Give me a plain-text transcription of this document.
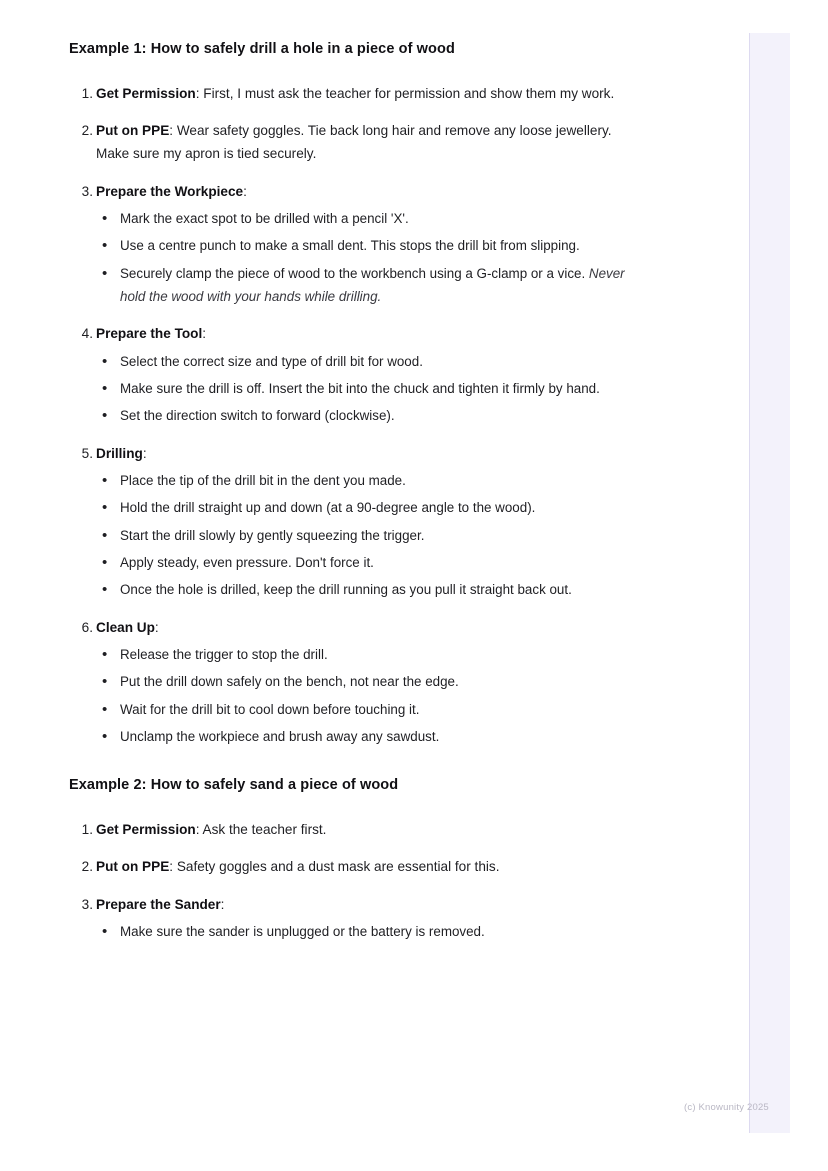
Example 1: How to safely drill a hole in a piece of wood
Get Permission: First, I must ask the teacher for permission and show them my work.
Put on PPE: Wear safety goggles. Tie back long hair and remove any loose jewellery. Make sure my apron is tied securely.
Prepare the Workpiece:
• Mark the exact spot to be drilled with a pencil 'X'.
• Use a centre punch to make a small dent. This stops the drill bit from slipping.
• Securely clamp the piece of wood to the workbench using a G-clamp or a vice. Never hold the wood with your hands while drilling.
Prepare the Tool:
• Select the correct size and type of drill bit for wood.
• Make sure the drill is off. Insert the bit into the chuck and tighten it firmly by hand.
• Set the direction switch to forward (clockwise).
Drilling:
• Place the tip of the drill bit in the dent you made.
• Hold the drill straight up and down (at a 90-degree angle to the wood).
• Start the drill slowly by gently squeezing the trigger.
• Apply steady, even pressure. Don't force it.
• Once the hole is drilled, keep the drill running as you pull it straight back out.
Clean Up:
• Release the trigger to stop the drill.
• Put the drill down safely on the bench, not near the edge.
• Wait for the drill bit to cool down before touching it.
• Unclamp the workpiece and brush away any sawdust.
Example 2: How to safely sand a piece of wood
Get Permission: Ask the teacher first.
Put on PPE: Safety goggles and a dust mask are essential for this.
Prepare the Sander:
• Make sure the sander is unplugged or the battery is removed.
(c) Knowunity 2025
